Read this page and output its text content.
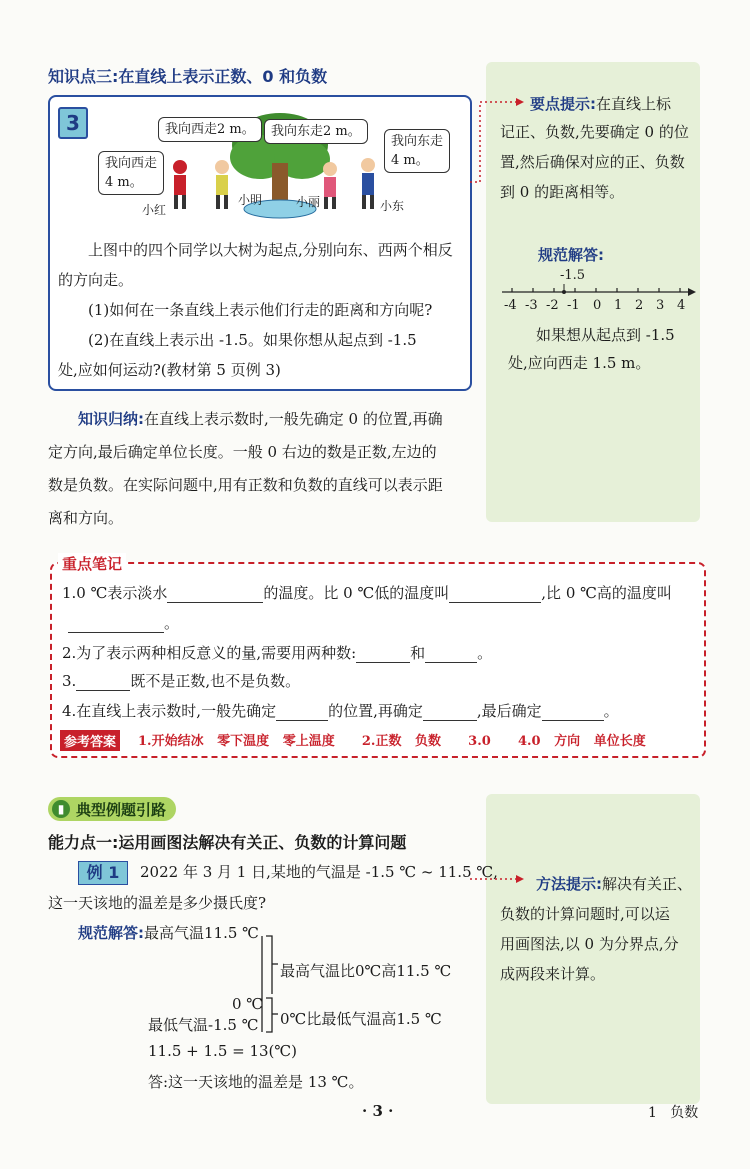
知识点三:在直线上表示正数、0 和负数
3	我向西走2 m。	我向东走2 m。
我向西走4 m。
我向东走4 m。
小红
小明	小丽	小东
上图中的四个同学以大树为起点,分别向东、西两个相反
的方向走。
(1)如何在一条直线上表示他们行走的距离和方向呢?
(2)在直线上表示出 -1.5。如果你想从起点到 -1.5
处,应如何运动?(教材第 5 页例 3)
要点提示:在直线上标
记正、负数,先要确定 0 的位
置,然后确保对应的正、负数
到 0 的距离相等。
规范解答:
-1.5
-4 -3 -2 -1 0 1 2 3 4
如果想从起点到 -1.5
处,应向西走 1.5 m。
知识归纳:在直线上表示数时,一般先确定 0 的位置,再确
定方向,最后确定单位长度。一般 0 右边的数是正数,左边的
数是负数。在实际问题中,用有正数和负数的直线可以表示距
离和方向。
1.0 ℃表示淡水	的温度。比 0 ℃低的温度叫	,比 0 ℃高的温度叫
。
2.为了表示两种相反意义的量,需要用两种数:	和	。
3.	既不是正数,也不是负数。
4.在直线上表示数时,一般先确定	的位置,再确定	,最后确定	。
参考答案	1.开始结冰   零下温度   零上温度      2.正数   负数      3.0      4.0   方向   单位长度
重点笔记
▮ 典型例题引路
能力点一:运用画图法解决有关正、负数的计算问题
例 1	2022 年 3 月 1 日,某地的气温是 -1.5 ℃ ~ 11.5 ℃,
这一天该地的温差是多少摄氏度?
规范解答:最高气温11.5 ℃
最高气温比0℃高11.5 ℃
0 ℃
0℃比最低气温高1.5 ℃
最低气温-1.5 ℃
11.5 + 1.5 = 13(℃)
答:这一天该地的温差是 13 ℃。
方法提示:解决有关正、
负数的计算问题时,可以运
用画图法,以 0 为分界点,分
成两段来计算。
· 3 ·	1   负数
